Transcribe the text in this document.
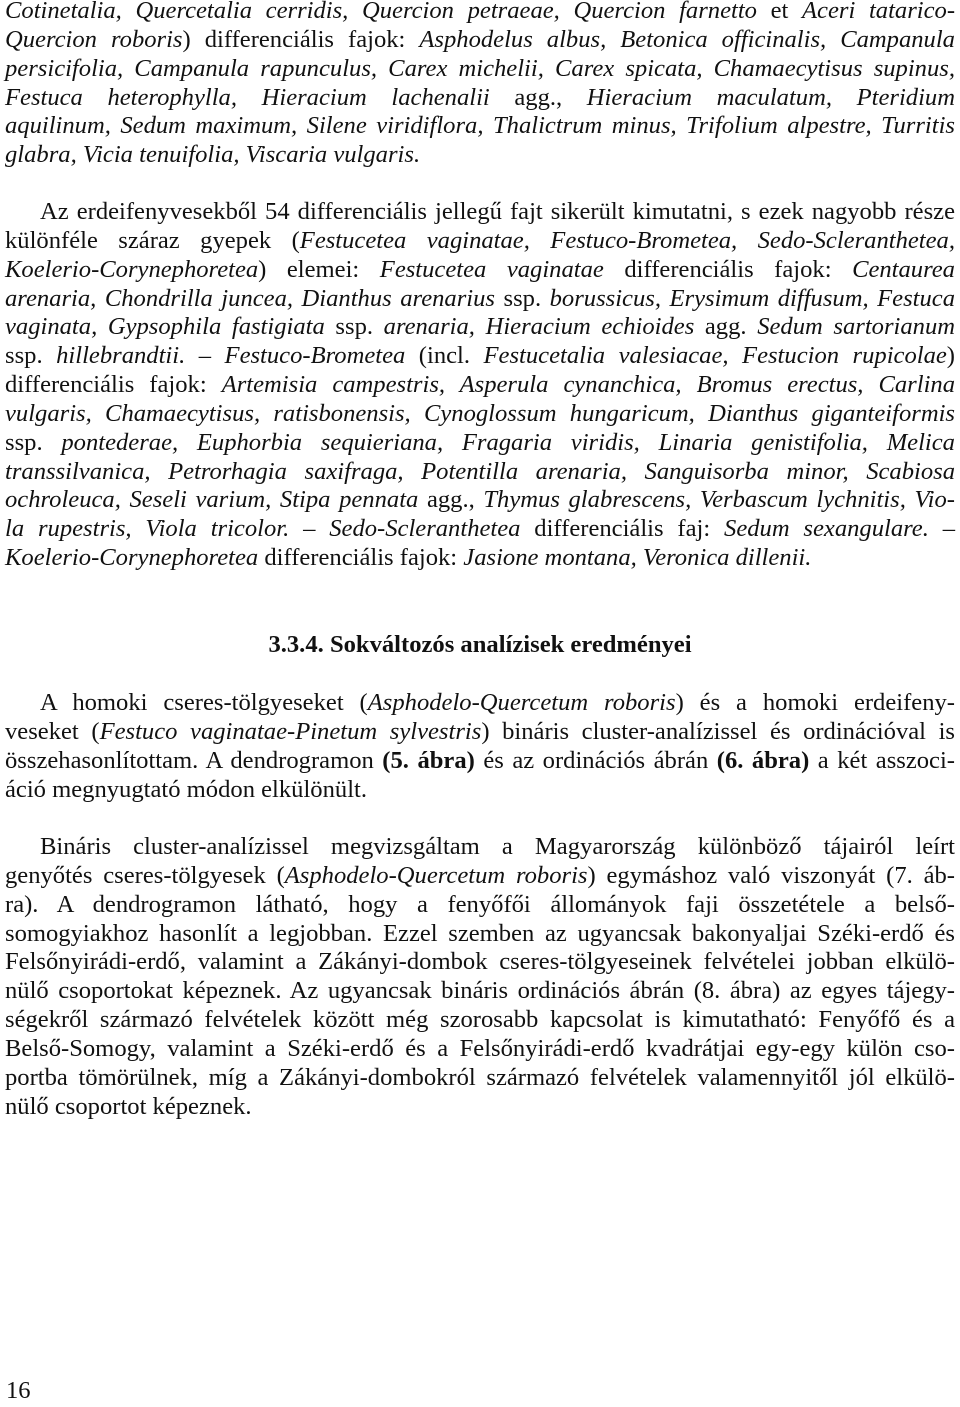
Cotinetalia, Quercetalia cerridis, Quercion petraeae, Quercion farnetto et Aceri tatarico-
Quercion roboris) differenciális fajok: Asphodelus albus, Betonica officinalis, Campanula
persicifolia, Campanula rapunculus, Carex michelii, Carex spicata, Chamaecytisus supinus,
Festuca heterophylla, Hieracium lachenalii agg., Hieracium maculatum, Pteridium
aquilinum, Sedum maximum, Silene viridiflora, Thalictrum minus, Trifolium alpestre, Turritis
glabra, Vicia tenuifolia, Viscaria vulgaris.
Az erdeifenyvesekből 54 differenciális jellegű fajt sikerült kimutatni, s ezek nagyobb része
különféle száraz gyepek (Festucetea vaginatae, Festuco-Brometea, Sedo-Scleranthetea,
Koelerio-Corynephoretea) elemei: Festucetea vaginatae differenciális fajok: Centaurea
arenaria, Chondrilla juncea, Dianthus arenarius ssp. borussicus, Erysimum diffusum, Festuca
vaginata, Gypsophila fastigiata ssp. arenaria, Hieracium echioides agg. Sedum sartorianum
ssp. hillebrandtii. – Festuco-Brometea (incl. Festucetalia valesiacae, Festucion rupicolae)
differenciális fajok: Artemisia campestris, Asperula cynanchica, Bromus erectus, Carlina
vulgaris, Chamaecytisus, ratisbonensis, Cynoglossum hungaricum, Dianthus giganteiformis
ssp. pontederae, Euphorbia sequieriana, Fragaria viridis, Linaria genistifolia, Melica
transsilvanica, Petrorhagia saxifraga, Potentilla arenaria, Sanguisorba minor, Scabiosa
ochroleuca, Seseli varium, Stipa pennata agg., Thymus glabrescens, Verbascum lychnitis, Vio-
la rupestris, Viola tricolor. – Sedo-Scleranthetea differenciális faj: Sedum sexangulare. –
Koelerio-Corynephoretea differenciális fajok: Jasione montana, Veronica dillenii.
3.3.4. Sokváltozós analízisek eredményei
A homoki cseres-tölgyeseket (Asphodelo-Quercetum roboris) és a homoki erdeifeny-
veseket (Festuco vaginatae-Pinetum sylvestris) bináris cluster-analízissel és ordinációval is
összehasonlítottam. A dendrogramon (5. ábra) és az ordinációs ábrán (6. ábra) a két asszoci-
áció megnyugtató módon elkülönült.
Bináris cluster-analízissel megvizsgáltam a Magyarország különböző tájairól leírt
genyőtés cseres-tölgyesek (Asphodelo-Quercetum roboris) egymáshoz való viszonyát (7. áb-
ra). A dendrogramon látható, hogy a fenyőfői állományok faji összetétele a belső-
somogyiakhoz hasonlít a legjobban. Ezzel szemben az ugyancsak bakonyaljai Széki-erdő és
Felsőnyirádi-erdő, valamint a Zákányi-dombok cseres-tölgyeseinek felvételei jobban elkülö-
nülő csoportokat képeznek. Az ugyancsak bináris ordinációs ábrán (8. ábra) az egyes tájegy-
ségekről származó felvételek között még szorosabb kapcsolat is kimutatható: Fenyőfő és a
Belső-Somogy, valamint a Széki-erdő és a Felsőnyirádi-erdő kvadrátjai egy-egy külön cso-
portba tömörülnek, míg a Zákányi-dombokról származó felvételek valamennyitől jól elkülö-
nülő csoportot képeznek.
16
